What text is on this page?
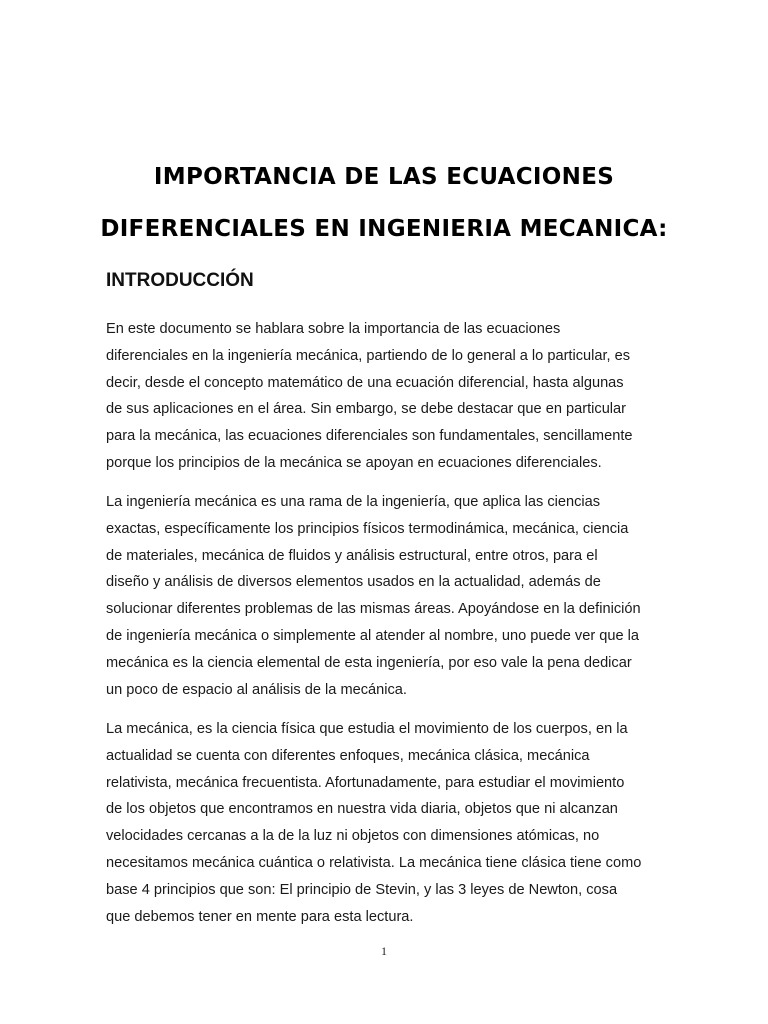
IMPORTANCIA DE LAS ECUACIONES
DIFERENCIALES EN INGENIERIA MECANICA:
INTRODUCCIÓN

En este documento se hablara sobre la importancia de las ecuaciones
diferenciales en la ingeniería mecánica, partiendo de lo general a lo particular, es
decir, desde el concepto matemático de una ecuación diferencial, hasta algunas
de sus aplicaciones en el área. Sin embargo, se debe destacar que en particular
para la mecánica, las ecuaciones diferenciales son fundamentales, sencillamente
porque los principios de la mecánica se apoyan en ecuaciones diferenciales.

La ingeniería mecánica es una rama de la ingeniería, que aplica las ciencias
exactas, específicamente los principios físicos termodinámica, mecánica, ciencia
de materiales, mecánica de fluidos y análisis estructural, entre otros, para el
diseño y análisis de diversos elementos usados en la actualidad, además de
solucionar diferentes problemas de las mismas áreas. Apoyándose en la definición
de ingeniería mecánica o simplemente al atender al nombre, uno puede ver que la
mecánica es la ciencia elemental de esta ingeniería, por eso vale la pena dedicar
un poco de espacio al análisis de la mecánica.

La mecánica, es la ciencia física que estudia el movimiento de los cuerpos, en la
actualidad se cuenta con diferentes enfoques, mecánica clásica, mecánica
relativista, mecánica frecuentista. Afortunadamente, para estudiar el movimiento
de los objetos que encontramos en nuestra vida diaria, objetos que ni alcanzan
velocidades cercanas a la de la luz ni objetos con dimensiones atómicas, no
necesitamos mecánica cuántica o relativista. La mecánica tiene clásica tiene como
base 4 principios que son: El principio de Stevin, y las 3 leyes de Newton, cosa
que debemos tener en mente para esta lectura.

1
